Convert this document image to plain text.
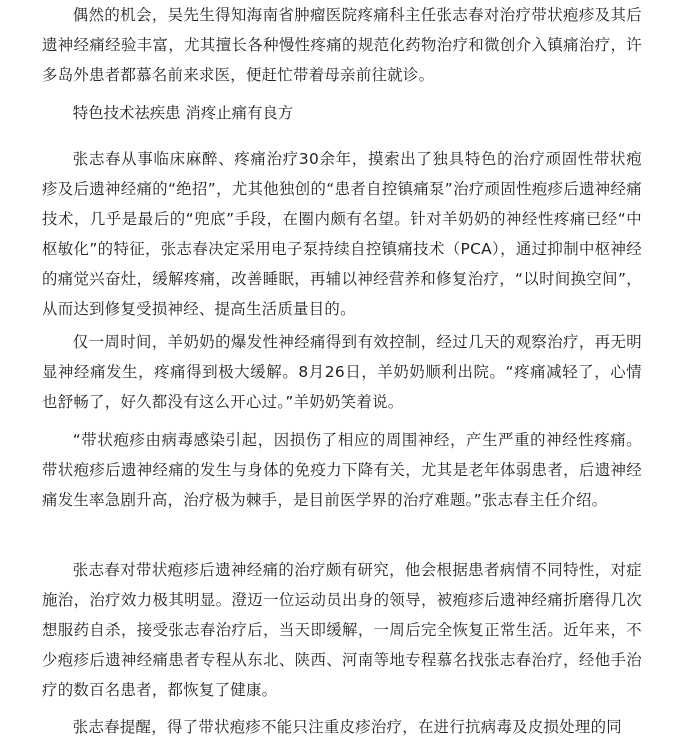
偶然的机会，吴先生得知海南省肿瘤医院疼痛科主任张志春对治疗带状疱疹及其后遗神经痛经验丰富，尤其擅长各种慢性疼痛的规范化药物治疗和微创介入镇痛治疗，许多岛外患者都慕名前来求医，便赶忙带着母亲前往就诊。

特色技术祛疾患 消疼止痛有良方

张志春从事临床麻醉、疼痛治疗30余年，摸索出了独具特色的治疗顽固性带状疱疹及后遗神经痛的“绝招”，尤其他独创的“患者自控镇痛泵”治疗顽固性疱疹后遗神经痛技术，几乎是最后的“兜底”手段，在圈内颇有名望。针对羊奶奶的神经性疼痛已经“中枢敏化”的特征，张志春决定采用电子泵持续自控镇痛技术（PCA），通过抑制中枢神经的痛觉兴奋灶，缓解疼痛，改善睡眠，再辅以神经营养和修复治疗，“以时间换空间”，从而达到修复受损神经、提高生活质量目的。

仅一周时间，羊奶奶的爆发性神经痛得到有效控制，经过几天的观察治疗，再无明显神经痛发生，疼痛得到极大缓解。8月26日，羊奶奶顺利出院。“疼痛减轻了，心情也舒畅了，好久都没有这么开心过。”羊奶奶笑着说。

“带状疱疹由病毒感染引起，因损伤了相应的周围神经，产生严重的神经性疼痛。带状疱疹后遗神经痛的发生与身体的免疫力下降有关，尤其是老年体弱患者，后遗神经痛发生率急剧升高，治疗极为棘手，是目前医学界的治疗难题。”张志春主任介绍。

张志春对带状疱疹后遗神经痛的治疗颇有研究，他会根据患者病情不同特性，对症施治，治疗效力极其明显。澄迈一位运动员出身的领导，被疱疹后遗神经痛折磨得几次想服药自杀，接受张志春治疗后，当天即缓解，一周后完全恢复正常生活。近年来，不少疱疹后遗神经痛患者专程从东北、陕西、河南等地专程慕名找张志春治疗，经他手治疗的数百名患者，都恢复了健康。

张志春提醒，得了带状疱疹不能只注重皮疹治疗，在进行抗病毒及皮损处理的同
